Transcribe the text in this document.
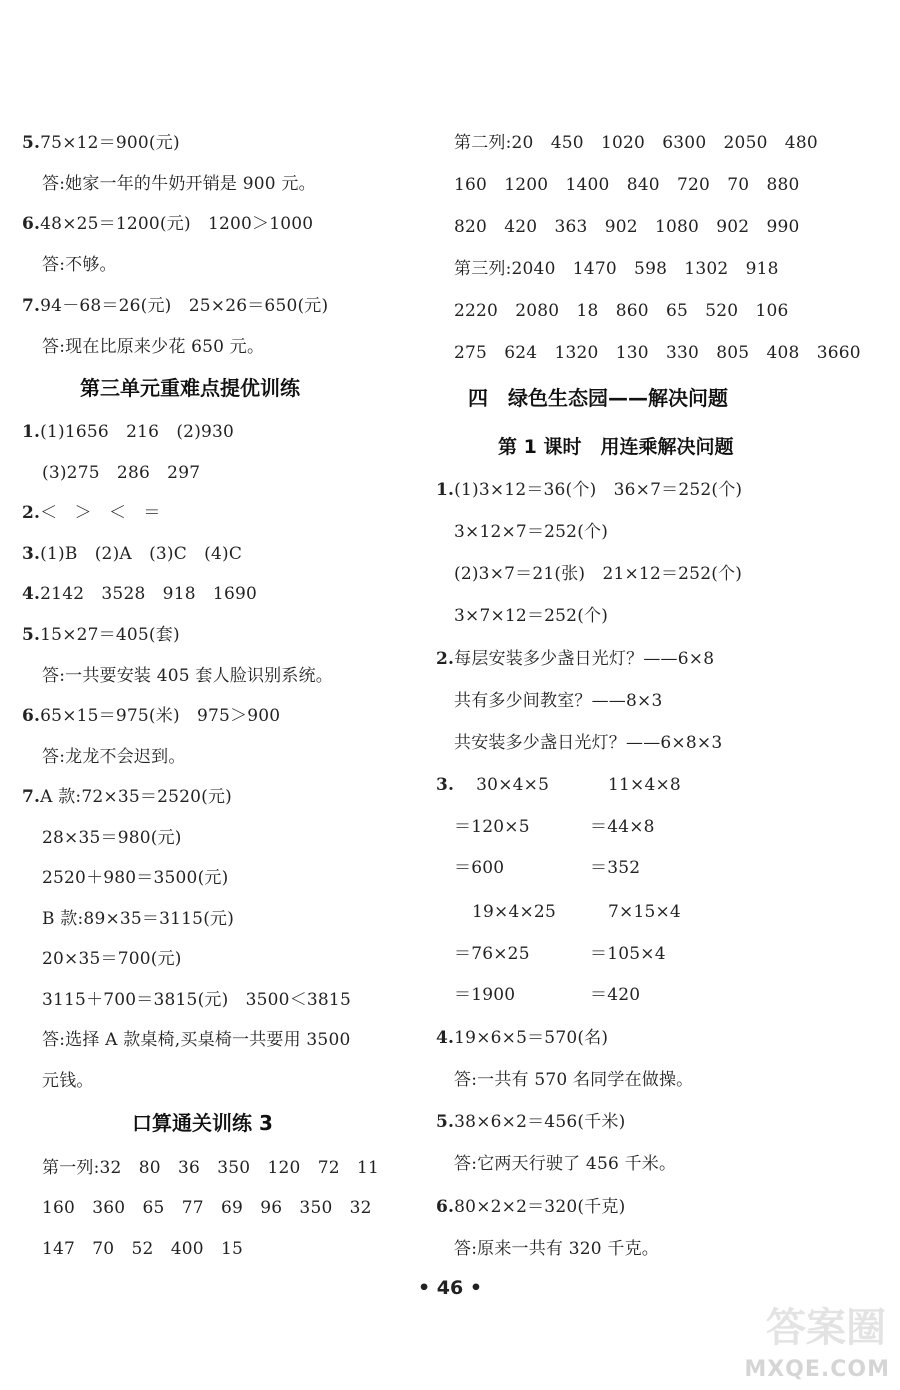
5.75×12＝900(元)
答:她家一年的牛奶开销是 900 元。
6.48×25＝1200(元)　1200＞1000
答:不够。
7.94－68＝26(元)　25×26＝650(元)
答:现在比原来少花 650 元。
第三单元重难点提优训练
1.(1)1656　216　(2)930
(3)275　286　297
2.＜　＞　＜　＝
3.(1)B　(2)A　(3)C　(4)C
4.2142　3528　918　1690
5.15×27＝405(套)
答:一共要安装 405 套人脸识别系统。
6.65×15＝975(米)　975＞900
答:龙龙不会迟到。
7.A 款:72×35＝2520(元)
28×35＝980(元)
2520＋980＝3500(元)
B 款:89×35＝3115(元)
20×35＝700(元)
3115＋700＝3815(元)　3500＜3815
答:选择 A 款桌椅,买桌椅一共要用 3500
元钱。
口算通关训练 3
第一列:32　80　36　350　120　72　11
160　360　65　77　69　96　350　32
147　70　52　400　15
第二列:20　450　1020　6300　2050　480
160　1200　1400　840　720　70　880
820　420　363　902　1080　902　990
第三列:2040　1470　598　1302　918
2220　2080　18　860　65　520　106
275　624　1320　130　330　805　408　3660
四　绿色生态园——解决问题
第 1 课时　用连乘解决问题
1.(1)3×12＝36(个)　36×7＝252(个)
3×12×7＝252(个)
(2)3×7＝21(张)　21×12＝252(个)
3×7×12＝252(个)
2.每层安装多少盏日光灯？——6×8
共有多少间教室？——8×3
共安装多少盏日光灯？——6×8×3
3. 30×4×5	11×4×8
＝120×5	＝44×8
＝600	＝352
19×4×25	7×15×4
＝76×25	＝105×4
＝1900	＝420
4.19×6×5＝570(名)
答:一共有 570 名同学在做操。
5.38×6×2＝456(千米)
答:它两天行驶了 456 千米。
6.80×2×2＝320(千克)
答:原来一共有 320 千克。
• 46 •
答案圈
MXQE.COM
